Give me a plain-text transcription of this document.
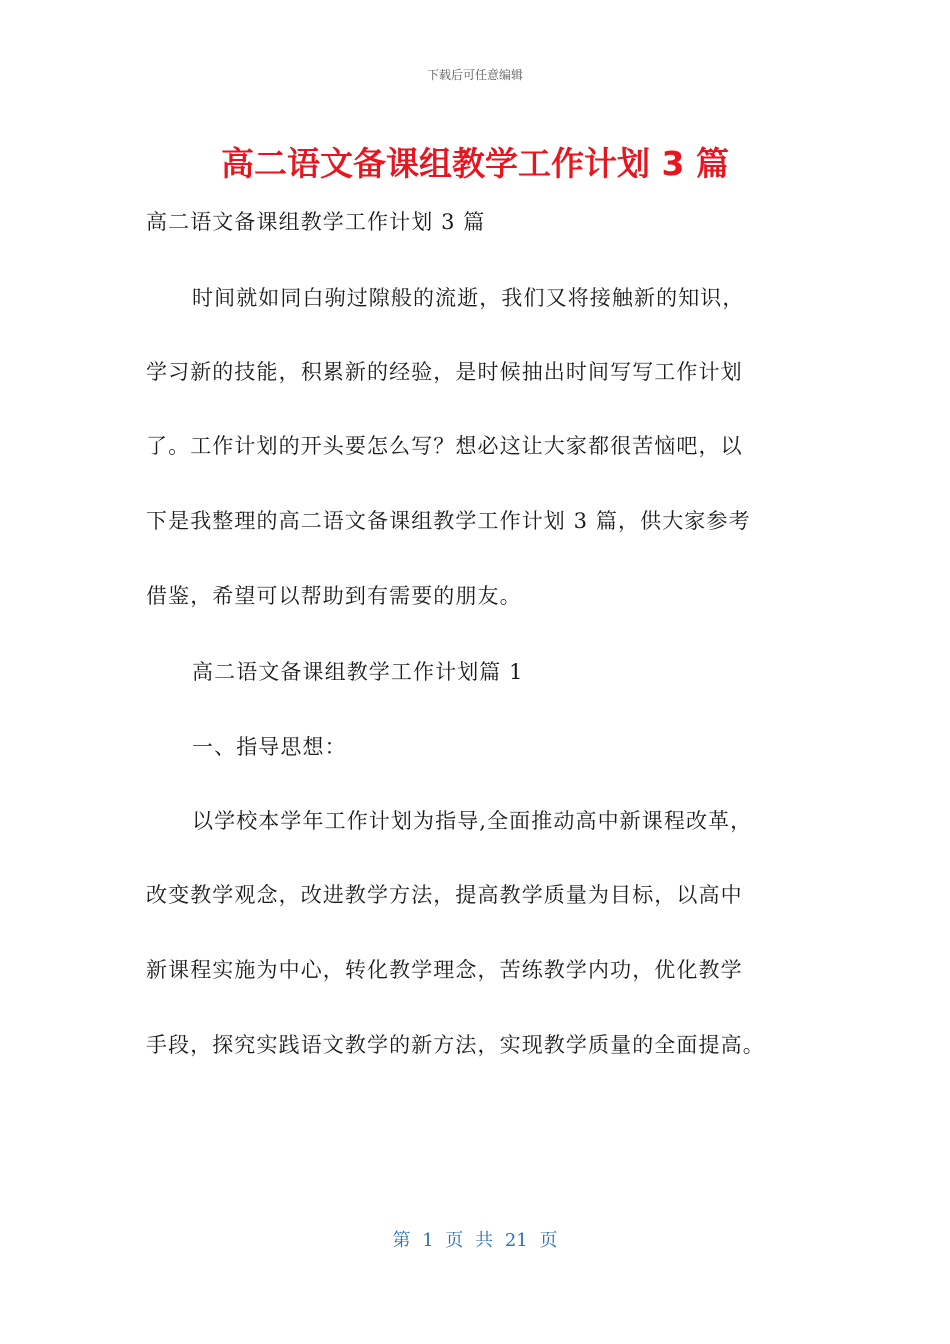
下载后可任意编辑
高二语文备课组教学工作计划 3 篇
高二语文备课组教学工作计划 3 篇
时间就如同白驹过隙般的流逝，我们又将接触新的知识，
学习新的技能，积累新的经验，是时候抽出时间写写工作计划
了。工作计划的开头要怎么写？想必这让大家都很苦恼吧，以
下是我整理的高二语文备课组教学工作计划 3 篇，供大家参考
借鉴，希望可以帮助到有需要的朋友。
高二语文备课组教学工作计划篇 1
一、指导思想：
以学校本学年工作计划为指导,全面推动高中新课程改革，
改变教学观念，改进教学方法，提高教学质量为目标，以高中
新课程实施为中心，转化教学理念，苦练教学内功，优化教学
手段，探究实践语文教学的新方法，实现教学质量的全面提高。
第 1 页 共 21 页
